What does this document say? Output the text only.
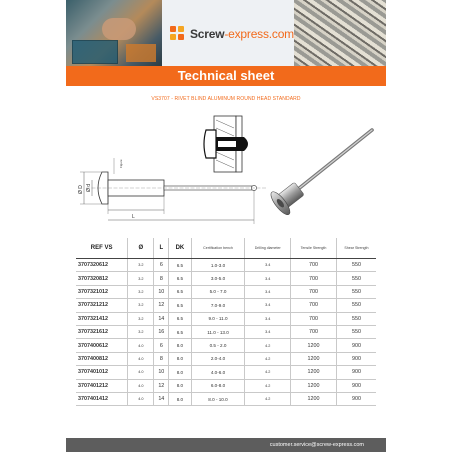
Screw-express.com
Technical sheet
VS3707 - RIVET BLIND ALUMINUM ROUND HEAD STANDARD
Ø D Ø d
Figure
L
REF VS	Ø	L	DK	Certification bench	Drilling diameter	Tensile Strength	Shear Strength
3707320612	3.2	6	6.5	1.0-3.0	3.4	700	550
3707320812	3.2	8	6.5	3.0-5.0	3.4	700	550
3707321012	3.2	10	6.5	5.0 - 7.0	3.4	700	550
3707321212	3.2	12	6.5	7.0-9.0	3.4	700	550
3707321412	3.2	14	6.5	9.0 - 11.0	3.4	700	550
3707321612	3.2	16	6.5	11.0 - 13.0	3.4	700	550
3707400612	4.0	6	8.0	0.5 - 2.0	4.2	1200	900
3707400812	4.0	8	8.0	2.0-4.0	4.2	1200	900
3707401012	4.0	10	8.0	4.0-6.0	4.2	1200	900
3707401212	4.0	12	8.0	6.0-8.0	4.2	1200	900
3707401412	4.0	14	8.0	8.0 - 10.0	4.2	1200	900
customer.service@screw-express.com
